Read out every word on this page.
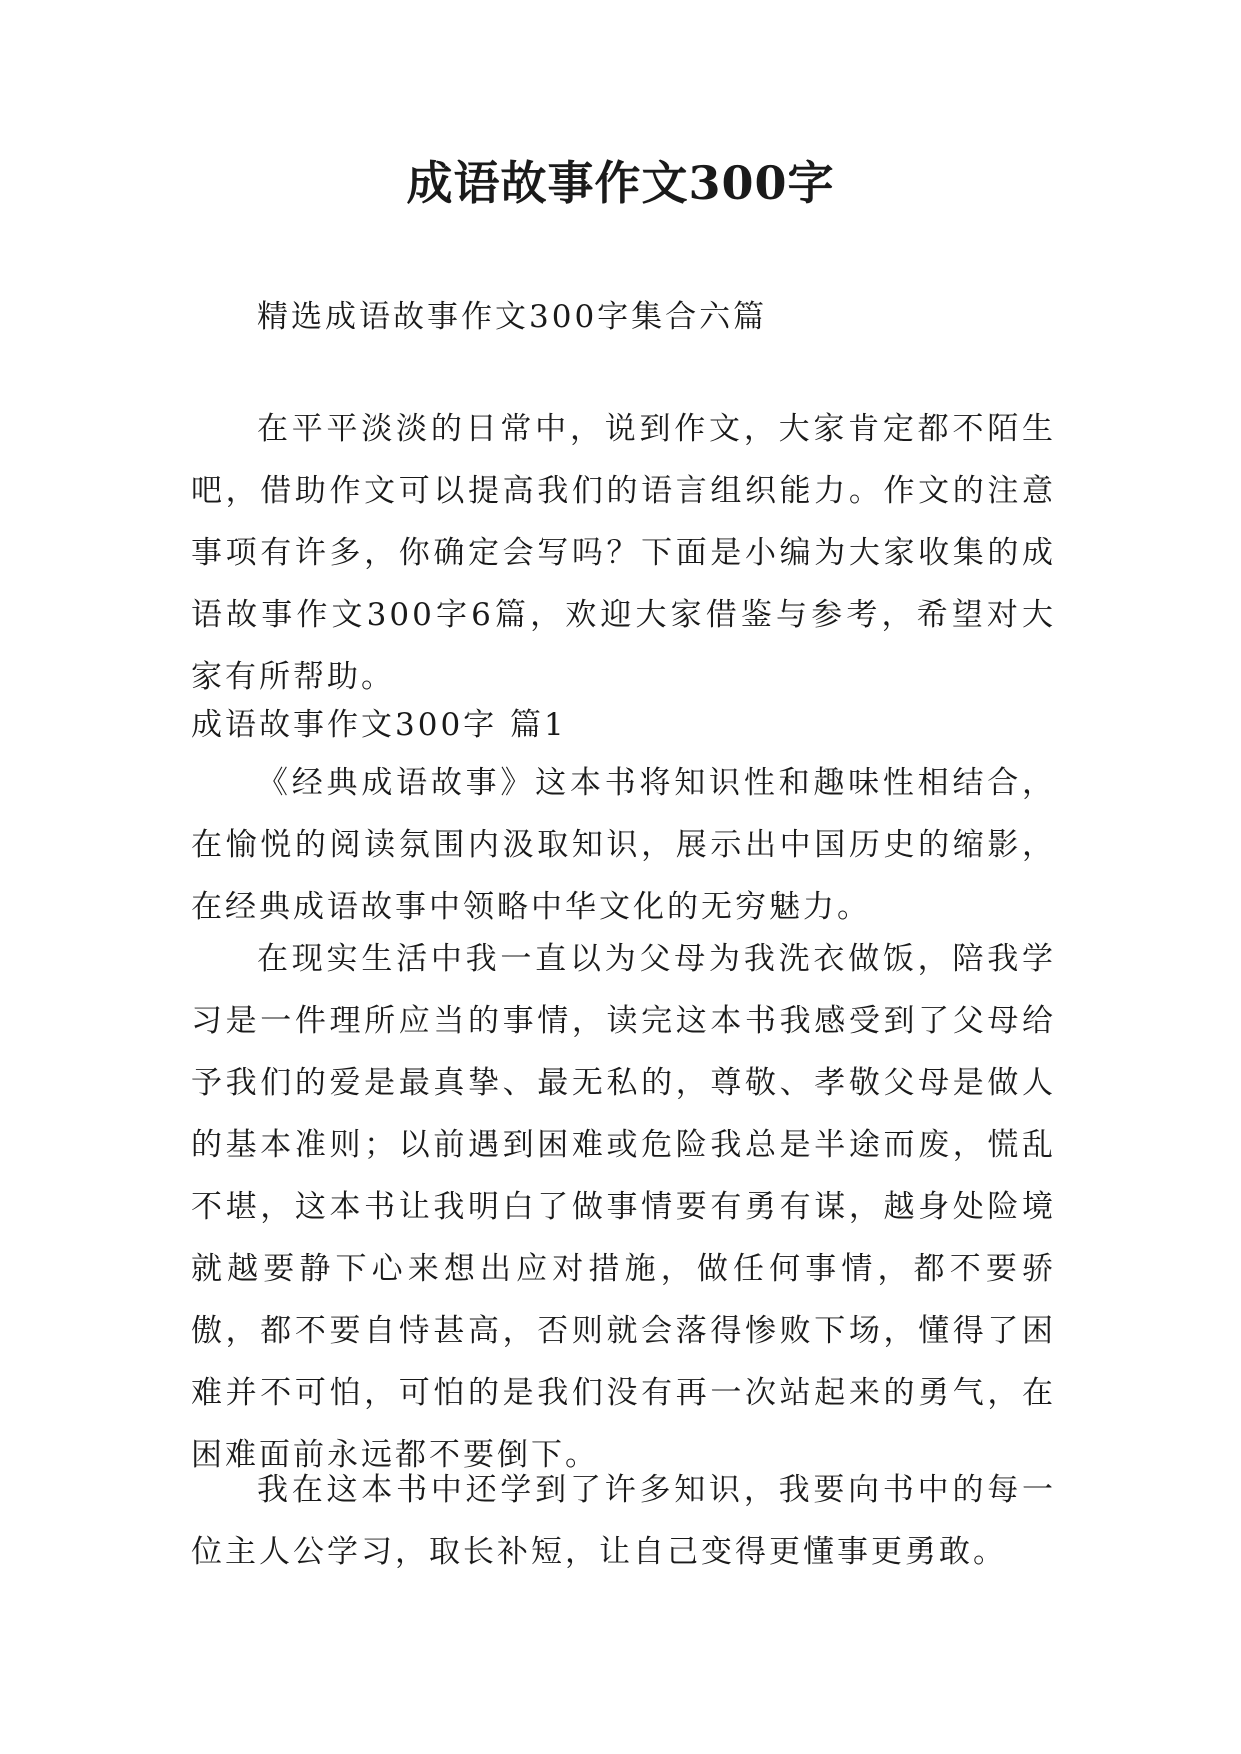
成语故事作文300字

精选成语故事作文300字集合六篇

在平平淡淡的日常中，说到作文，大家肯定都不陌生吧，借助作文可以提高我们的语言组织能力。作文的注意事项有许多，你确定会写吗？下面是小编为大家收集的成语故事作文300字6篇，欢迎大家借鉴与参考，希望对大家有所帮助。

成语故事作文300字 篇1

《经典成语故事》这本书将知识性和趣味性相结合，在愉悦的阅读氛围内汲取知识，展示出中国历史的缩影，在经典成语故事中领略中华文化的无穷魅力。

在现实生活中我一直以为父母为我洗衣做饭，陪我学习是一件理所应当的事情，读完这本书我感受到了父母给予我们的爱是最真挚、最无私的，尊敬、孝敬父母是做人的基本准则；以前遇到困难或危险我总是半途而废，慌乱不堪，这本书让我明白了做事情要有勇有谋，越身处险境就越要静下心来想出应对措施，做任何事情，都不要骄傲，都不要自恃甚高，否则就会落得惨败下场，懂得了困难并不可怕，可怕的是我们没有再一次站起来的勇气，在困难面前永远都不要倒下。

我在这本书中还学到了许多知识，我要向书中的每一位主人公学习，取长补短，让自己变得更懂事更勇敢。
